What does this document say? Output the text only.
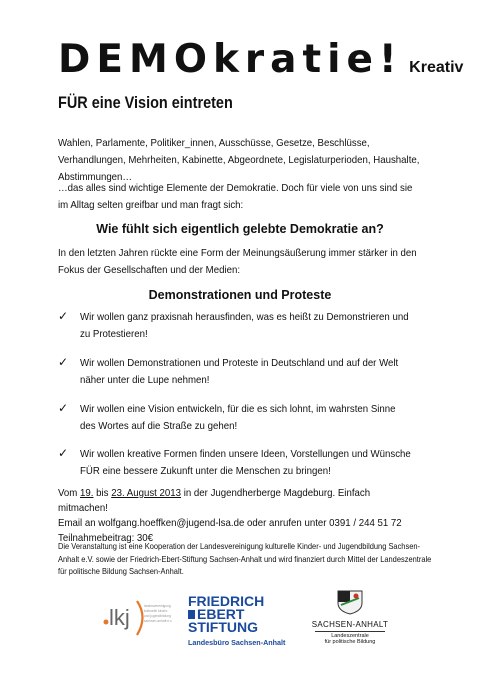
DEMOkratie! Kreativ
FÜR eine Vision eintreten
Wahlen, Parlamente, Politiker_innen, Ausschüsse, Gesetze, Beschlüsse, Verhandlungen, Mehrheiten, Kabinette, Abgeordnete, Legislaturperioden, Haushalte, Abstimmungen…
…das alles sind wichtige Elemente der Demokratie. Doch für viele von uns sind sie im Alltag selten greifbar und man fragt sich:
Wie fühlt sich eigentlich gelebte Demokratie an?
In den letzten Jahren rückte eine Form der Meinungsäußerung immer stärker in den Fokus der Gesellschaften und der Medien:
Demonstrationen und Proteste
✓ Wir wollen ganz praxisnah herausfinden, was es heißt zu Demonstrieren und zu Protestieren!
✓ Wir wollen Demonstrationen und Proteste in Deutschland und auf der Welt näher unter die Lupe nehmen!
✓ Wir wollen eine Vision entwickeln, für die es sich lohnt, im wahrsten Sinne des Wortes auf die Straße zu gehen!
✓ Wir wollen kreative Formen finden unsere Ideen, Vorstellungen und Wünsche FÜR eine bessere Zukunft unter die Menschen zu bringen!
Vom 19. bis 23. August 2013 in der Jugendherberge Magdeburg. Einfach mitmachen!
Email an wolfgang.hoeffken@jugend-lsa.de oder anrufen unter 0391 / 244 51 72
Teilnahmebeitrag: 30€
Die Veranstaltung ist eine Kooperation der Landesvereinigung kulturelle Kinder- und Jugendbildung Sachsen-Anhalt e.V. sowie der Friedrich-Ebert-Stiftung Sachsen-Anhalt und wird finanziert durch Mittel der Landeszentrale für politische Bildung Sachsen-Anhalt.
lkj	landesvereinigung
kulturelle kinder-
und jugendbildung
sachsen-anhalt e.v.
FRIEDRICH
EBERT
STIFTUNG
Landesbüro Sachsen-Anhalt
SACHSEN-ANHALT
Landeszentrale
für politische Bildung
